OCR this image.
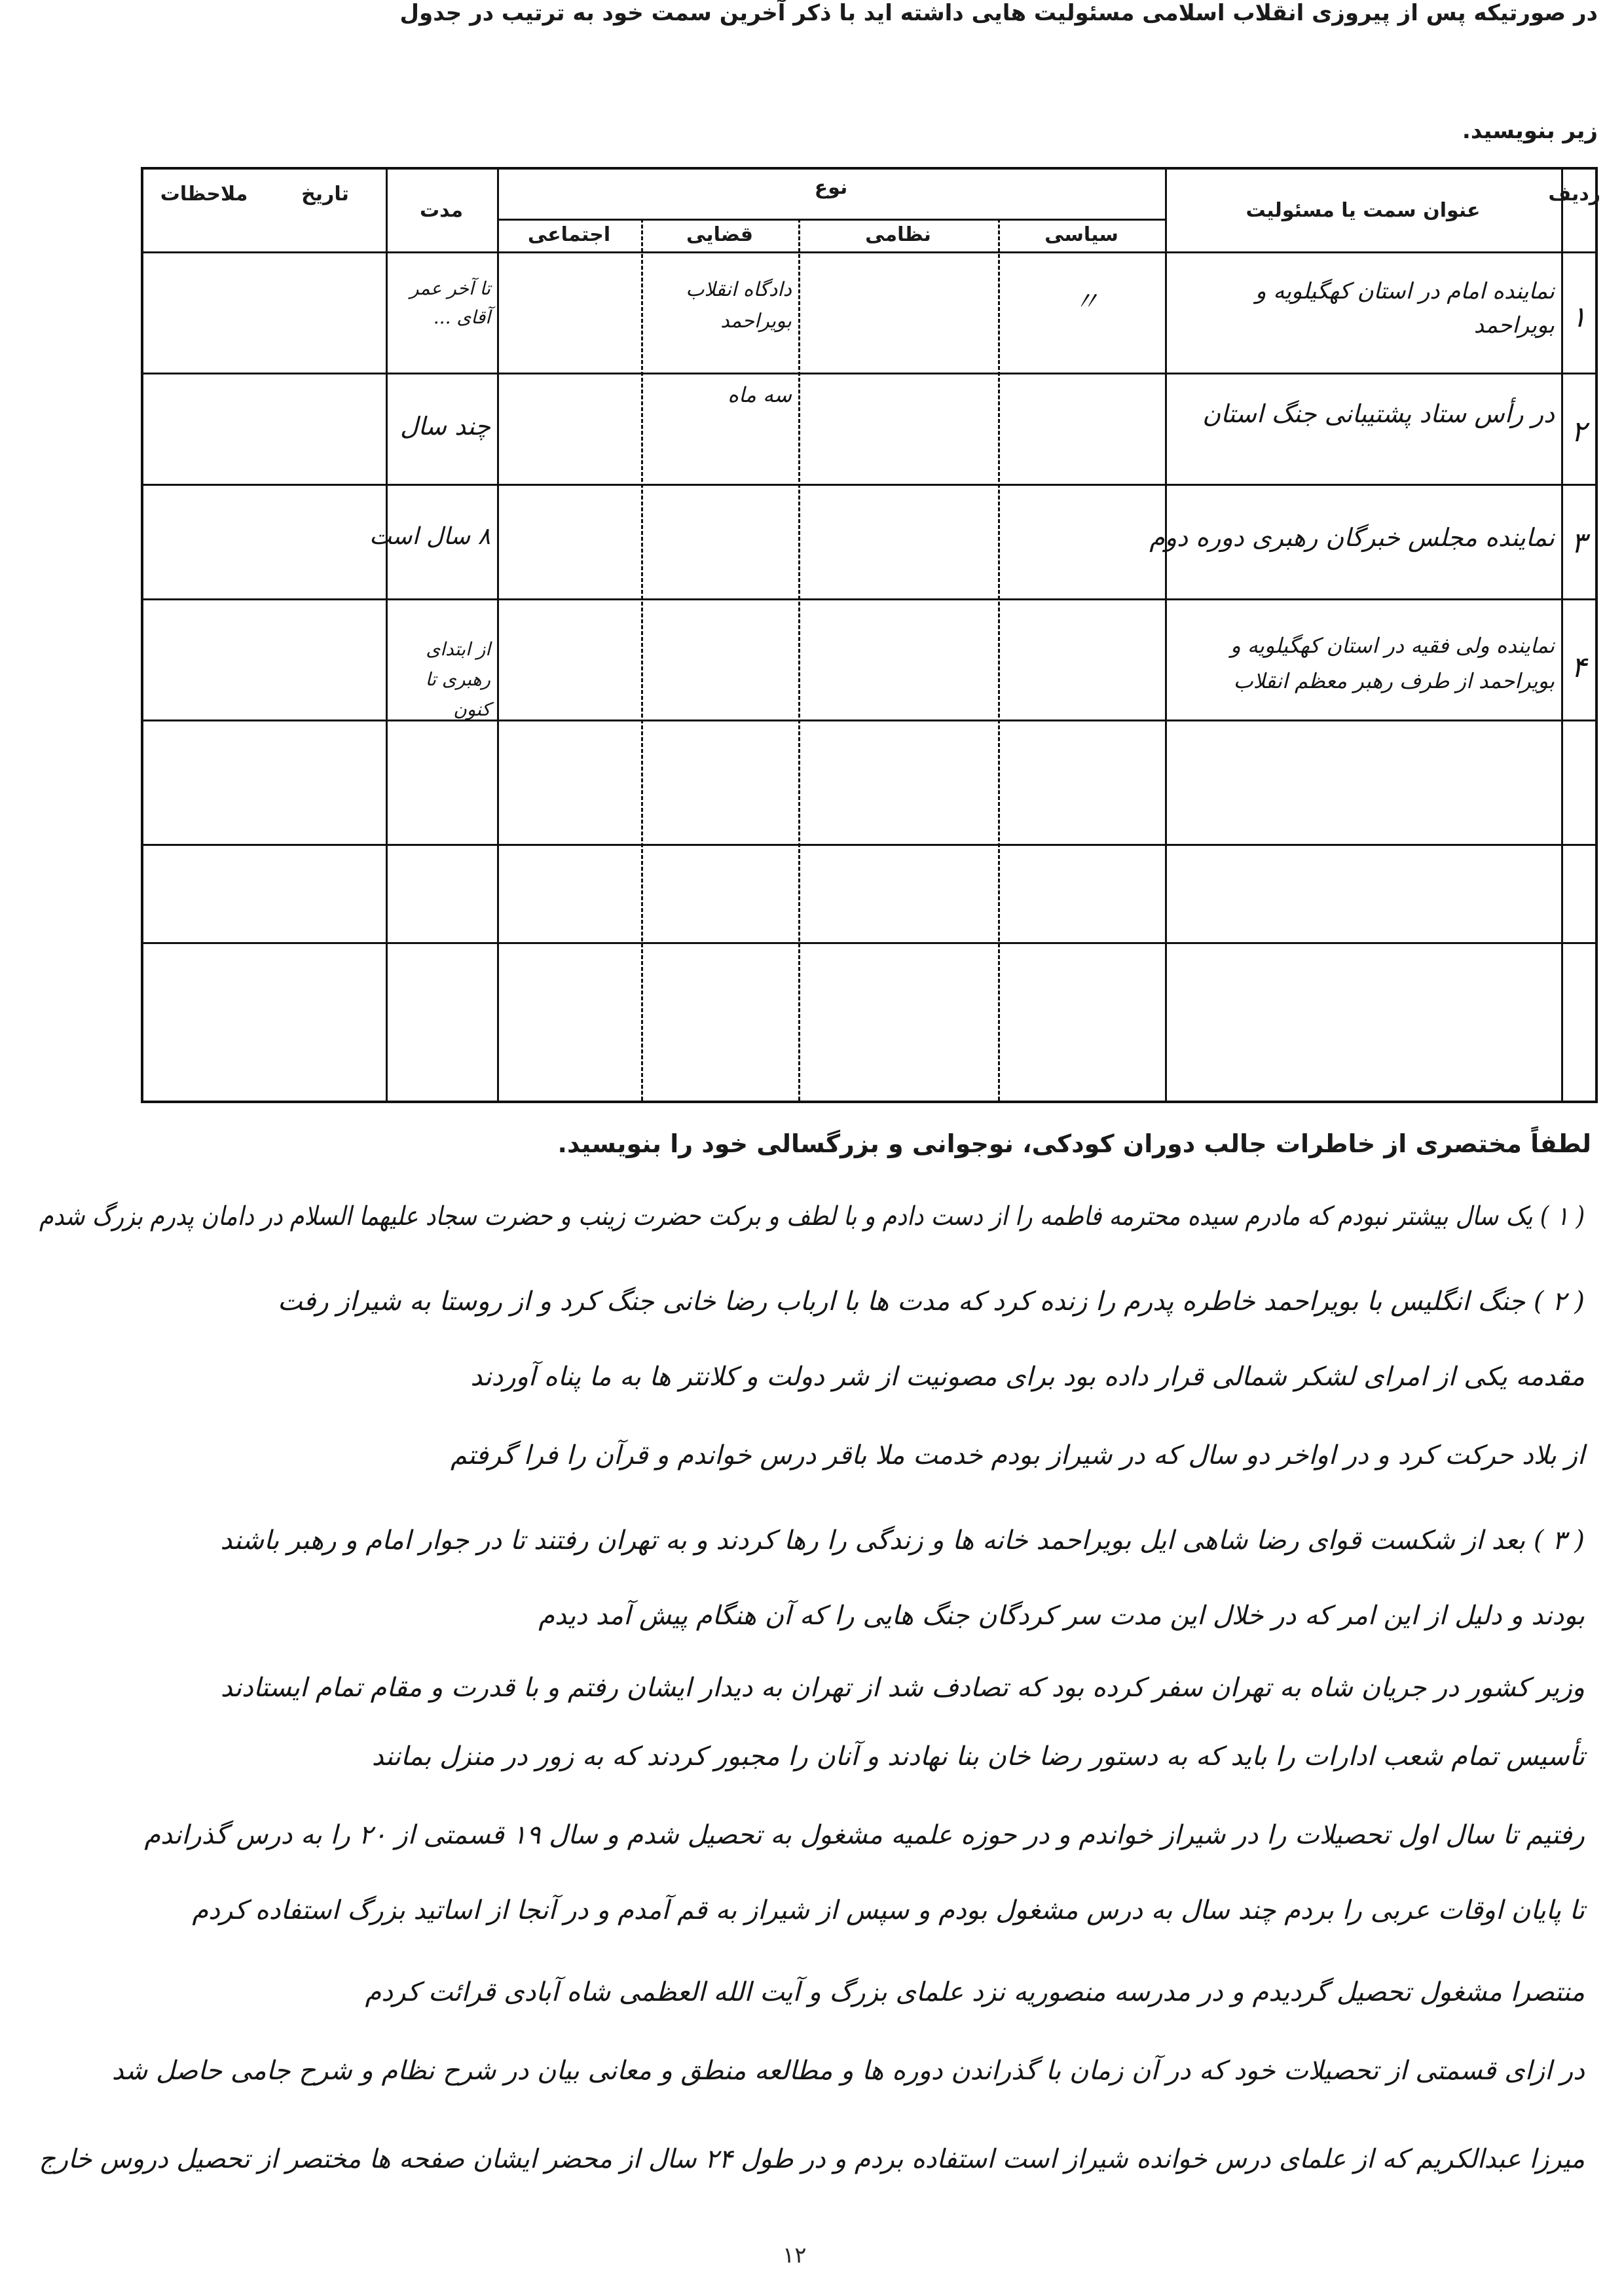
در صورتیکه پس از پیروزی انقلاب اسلامی مسئولیت هایی داشته اید با ذکر آخرین سمت خود به ترتیب در جدول
زیر بنویسید.
ردیف
عنوان سمت یا مسئولیت
نوع
سیاسی
نظامی
قضایی
اجتماعی
مدت
تاریخ
ملاحظات
۱
نماینده امام در استان کهگیلویه و بویراحمد
〃
دادگاه انقلاب بویراحمد
تا آخر عمر آقای ...
۲
در رأس ستاد پشتیبانی جنگ استان
سه ماه
چند سال
۳
نماینده مجلس خبرگان رهبری دوره دوم
۸ سال است
۴
نماینده ولی فقیه در استان کهگیلویه و بویراحمد از طرف رهبر معظم انقلاب
از ابتدای رهبری تا کنون
لطفاً مختصری از خاطرات جالب دوران کودکی، نوجوانی و بزرگسالی خود را بنویسید.
( ۱ ) یک سال بیشتر نبودم که مادرم سیده محترمه فاطمه را از دست دادم و با لطف و برکت حضرت زینب و حضرت سجاد علیهما السلام در دامان پدرم بزرگ شدم
( ۲ ) جنگ انگلیس با بویراحمد خاطره پدرم را زنده کرد که مدت ها با ارباب رضا خانی جنگ کرد و از روستا به شیراز رفت
مقدمه یکی از امرای لشکر شمالی قرار داده بود برای مصونیت از شر دولت و کلانتر ها به ما پناه آوردند
از بلاد حرکت کرد و در اواخر دو سال که در شیراز بودم خدمت ملا باقر درس خواندم و قرآن را فرا گرفتم
( ۳ ) بعد از شکست قوای رضا شاهی ایل بویراحمد خانه ها و زندگی را رها کردند و به تهران رفتند تا در جوار امام و رهبر باشند
بودند و دلیل از این امر که در خلال این مدت سر کردگان جنگ هایی را که آن هنگام پیش آمد دیدم
وزیر کشور در جریان شاه به تهران سفر کرده بود که تصادف شد از تهران به دیدار ایشان رفتم و با قدرت و مقام تمام ایستادند
تأسیس تمام شعب ادارات را باید که به دستور رضا خان بنا نهادند و آنان را مجبور کردند که به زور در منزل بمانند
رفتیم تا سال اول تحصیلات را در شیراز خواندم و در حوزه علمیه مشغول به تحصیل شدم و سال ۱۹ قسمتی از ۲۰ را به درس گذراندم
تا پایان اوقات عربی را بردم چند سال به درس مشغول بودم و سپس از شیراز به قم آمدم و در آنجا از اساتید بزرگ استفاده کردم
منتصرا مشغول تحصیل گردیدم و در مدرسه منصوریه نزد علمای بزرگ و آیت الله العظمی شاه آبادی قرائت کردم
در ازای قسمتی از تحصیلات خود که در آن زمان با گذراندن دوره ها و مطالعه منطق و معانی بیان در شرح نظام و شرح جامی حاصل شد
میرزا عبدالکریم که از علمای درس خوانده شیراز است استفاده بردم و در طول ۲۴ سال از محضر ایشان صفحه ها مختصر از تحصیل دروس خارج
۱۲
